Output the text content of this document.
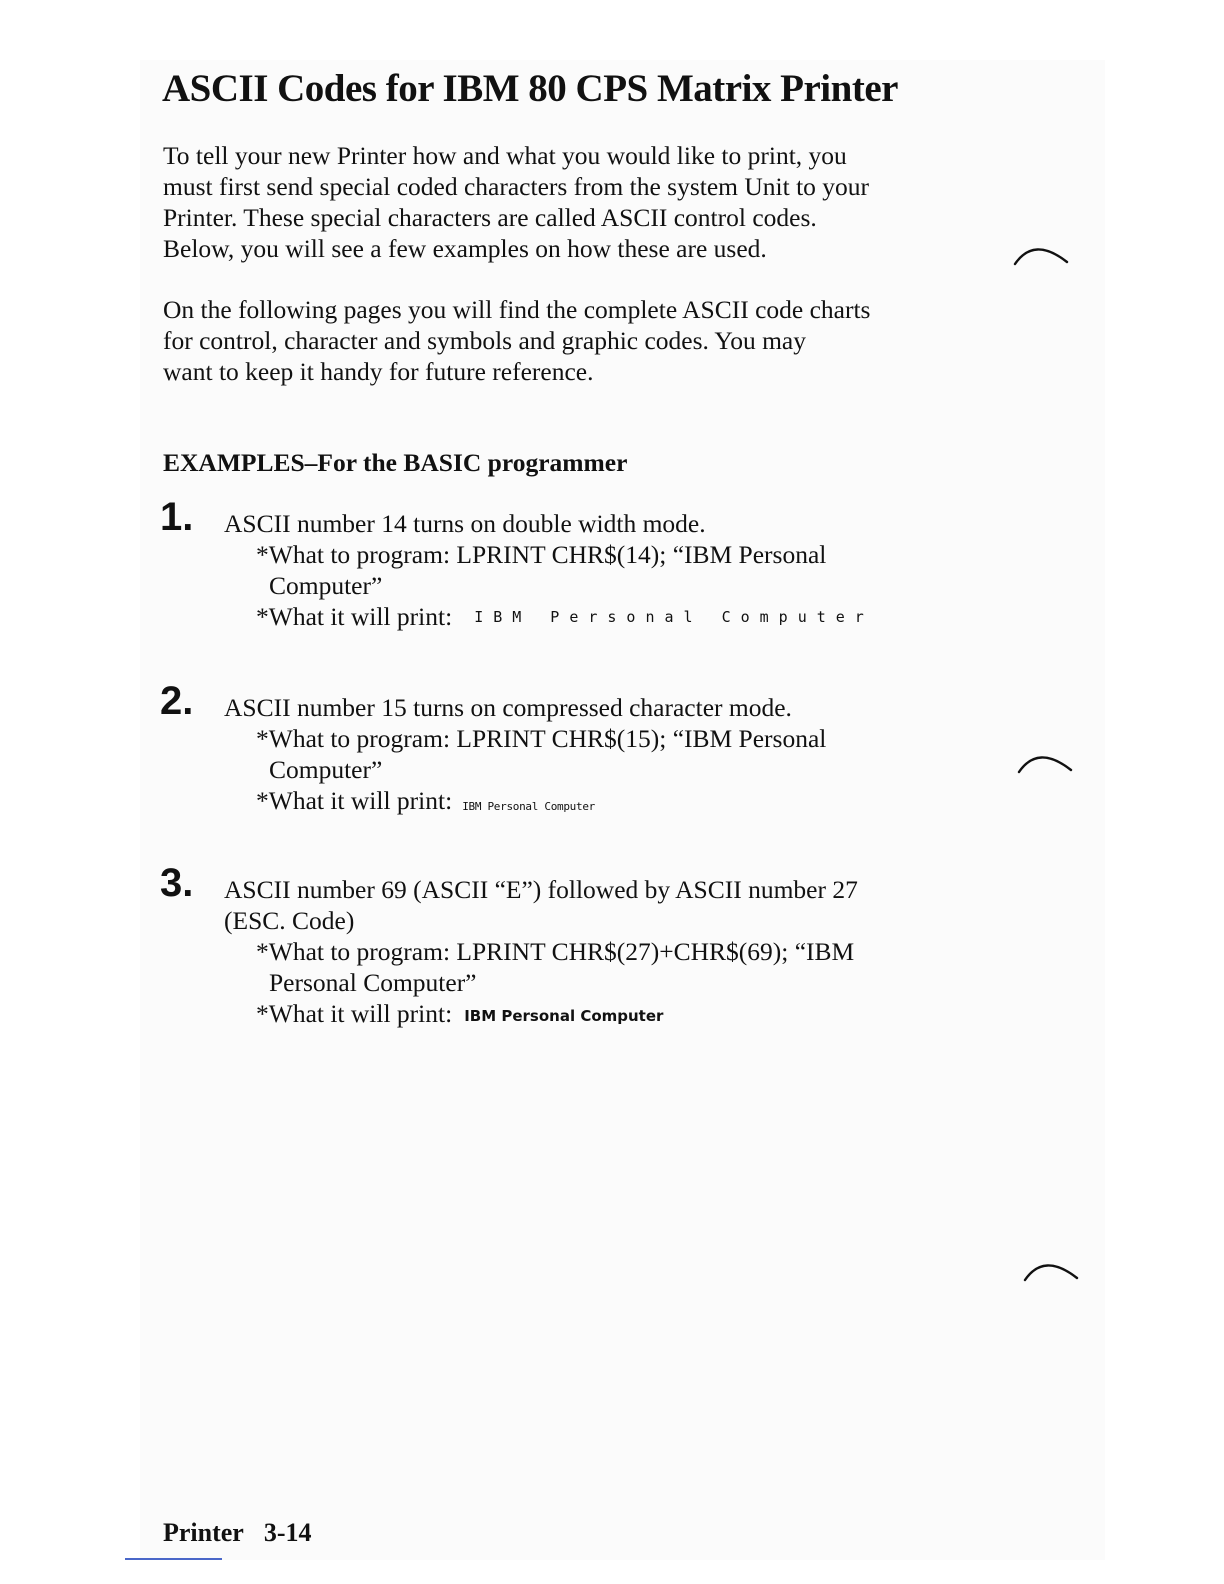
ASCII Codes for IBM 80 CPS Matrix Printer

To tell your new Printer how and what you would like to print, you
must first send special coded characters from the system Unit to your
Printer. These special characters are called ASCII control codes.
Below, you will see a few examples on how these are used.

On the following pages you will find the complete ASCII code charts
for control, character and symbols and graphic codes. You may
want to keep it handy for future reference.

EXAMPLES–For the BASIC programmer
1. ASCII number 14 turns on double width mode.
*What to program: LPRINT CHR$(14); “IBM Personal
Computer”
*What it will print: IBM Personal Computer
2. ASCII number 15 turns on compressed character mode.
*What to program: LPRINT CHR$(15); “IBM Personal
Computer”
*What it will print: IBM Personal Computer
3. ASCII number 69 (ASCII “E”) followed by ASCII number 27
(ESC. Code)
*What to program: LPRINT CHR$(27)+CHR$(69); “IBM
Personal Computer”
*What it will print: IBM Personal Computer

Printer 3-14
